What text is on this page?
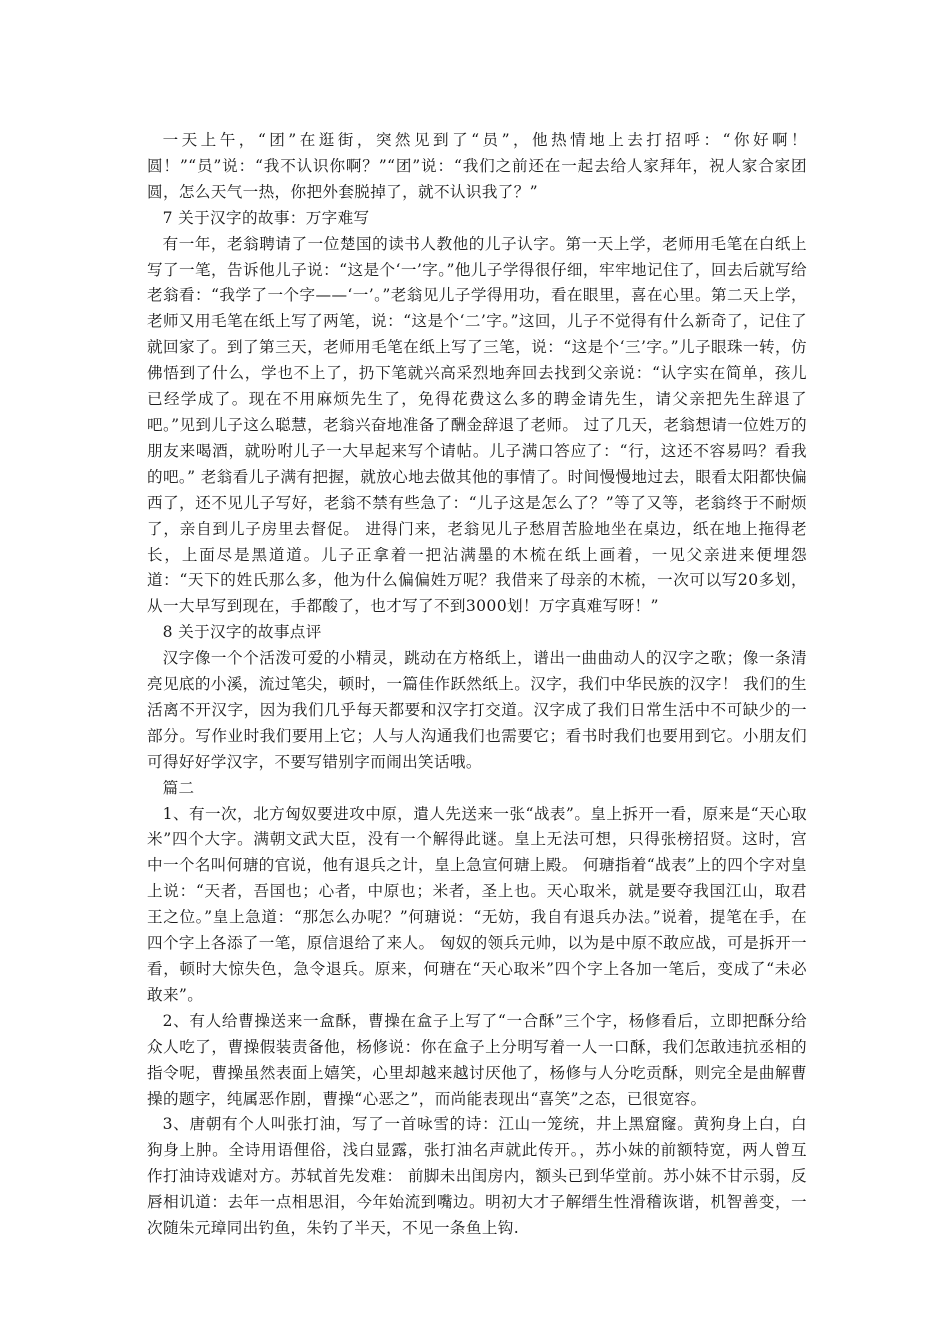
一天上午，“团”在逛街，突然见到了“员”，他热情地上去打招呼：“你好啊！圆！”“员”说：“我不认识你啊？”“团”说：“我们之前还在一起去给人家拜年，祝人家合家团圆，怎么天气一热，你把外套脱掉了，就不认识我了？”

7 关于汉字的故事：万字难写

有一年，老翁聘请了一位楚国的读书人教他的儿子认字。第一天上学，老师用毛笔在白纸上写了一笔，告诉他儿子说：“这是个‘一’字。”他儿子学得很仔细，牢牢地记住了，回去后就写给老翁看：“我学了一个字——‘一’。”老翁见儿子学得用功，看在眼里，喜在心里。第二天上学，老师又用毛笔在纸上写了两笔，说：“这是个‘二’字。”这回，儿子不觉得有什么新奇了，记住了就回家了。到了第三天，老师用毛笔在纸上写了三笔，说：“这是个‘三’字。”儿子眼珠一转，仿佛悟到了什么，学也不上了，扔下笔就兴高采烈地奔回去找到父亲说：“认字实在简单，孩儿已经学成了。现在不用麻烦先生了，免得花费这么多的聘金请先生，请父亲把先生辞退了吧。”见到儿子这么聪慧，老翁兴奋地准备了酬金辞退了老师。 过了几天，老翁想请一位姓万的朋友来喝酒，就吩咐儿子一大早起来写个请帖。儿子满口答应了：“行，这还不容易吗？看我的吧。” 老翁看儿子满有把握，就放心地去做其他的事情了。时间慢慢地过去，眼看太阳都快偏西了，还不见儿子写好，老翁不禁有些急了：“儿子这是怎么了？”等了又等，老翁终于不耐烦了，亲自到儿子房里去督促。 进得门来，老翁见儿子愁眉苦脸地坐在桌边，纸在地上拖得老长，上面尽是黑道道。儿子正拿着一把沾满墨的木梳在纸上画着，一见父亲进来便埋怨道：“天下的姓氏那么多，他为什么偏偏姓万呢？我借来了母亲的木梳，一次可以写20多划，从一大早写到现在，手都酸了，也才写了不到3000划！万字真难写呀！”

8 关于汉字的故事点评

汉字像一个个活泼可爱的小精灵，跳动在方格纸上，谱出一曲曲动人的汉字之歌；像一条清亮见底的小溪，流过笔尖，顿时，一篇佳作跃然纸上。汉字，我们中华民族的汉字！ 我们的生活离不开汉字，因为我们几乎每天都要和汉字打交道。汉字成了我们日常生活中不可缺少的一部分。写作业时我们要用上它；人与人沟通我们也需要它；看书时我们也要用到它。小朋友们可得好好学汉字，不要写错别字而闹出笑话哦。

篇二

1、有一次，北方匈奴要进攻中原，遣人先送来一张“战表”。皇上拆开一看，原来是“天心取米”四个大字。满朝文武大臣，没有一个解得此谜。皇上无法可想，只得张榜招贤。这时，宫中一个名叫何瑭的官说，他有退兵之计，皇上急宣何瑭上殿。 何瑭指着“战表”上的四个字对皇上说：“天者，吾国也；心者，中原也；米者，圣上也。天心取米，就是要夺我国江山，取君王之位。”皇上急道：“那怎么办呢？”何瑭说：“无妨，我自有退兵办法。”说着，提笔在手，在四个字上各添了一笔，原信退给了来人。 匈奴的领兵元帅，以为是中原不敢应战，可是拆开一看，顿时大惊失色，急令退兵。原来，何瑭在“天心取米”四个字上各加一笔后，变成了“未必敢来”。

2、有人给曹操送来一盒酥，曹操在盒子上写了“一合酥”三个字，杨修看后，立即把酥分给众人吃了，曹操假装责备他，杨修说：你在盒子上分明写着一人一口酥，我们怎敢违抗丞相的指令呢，曹操虽然表面上嬉笑，心里却越来越讨厌他了，杨修与人分吃贡酥，则完全是曲解曹操的题字，纯属恶作剧，曹操“心恶之”，而尚能表现出“喜笑”之态，已很宽容。

3、唐朝有个人叫张打油，写了一首咏雪的诗：江山一笼统，井上黑窟窿。黄狗身上白，白狗身上肿。全诗用语俚俗，浅白显露，张打油名声就此传开。，苏小妹的前额特宽，两人曾互作打油诗戏谑对方。苏轼首先发难： 前脚未出闺房内，额头已到华堂前。苏小妹不甘示弱，反唇相讥道：去年一点相思泪，今年始流到嘴边。明初大才子解缙生性滑稽诙谐，机智善变，一次随朱元璋同出钓鱼，朱钓了半天，不见一条鱼上钩.
